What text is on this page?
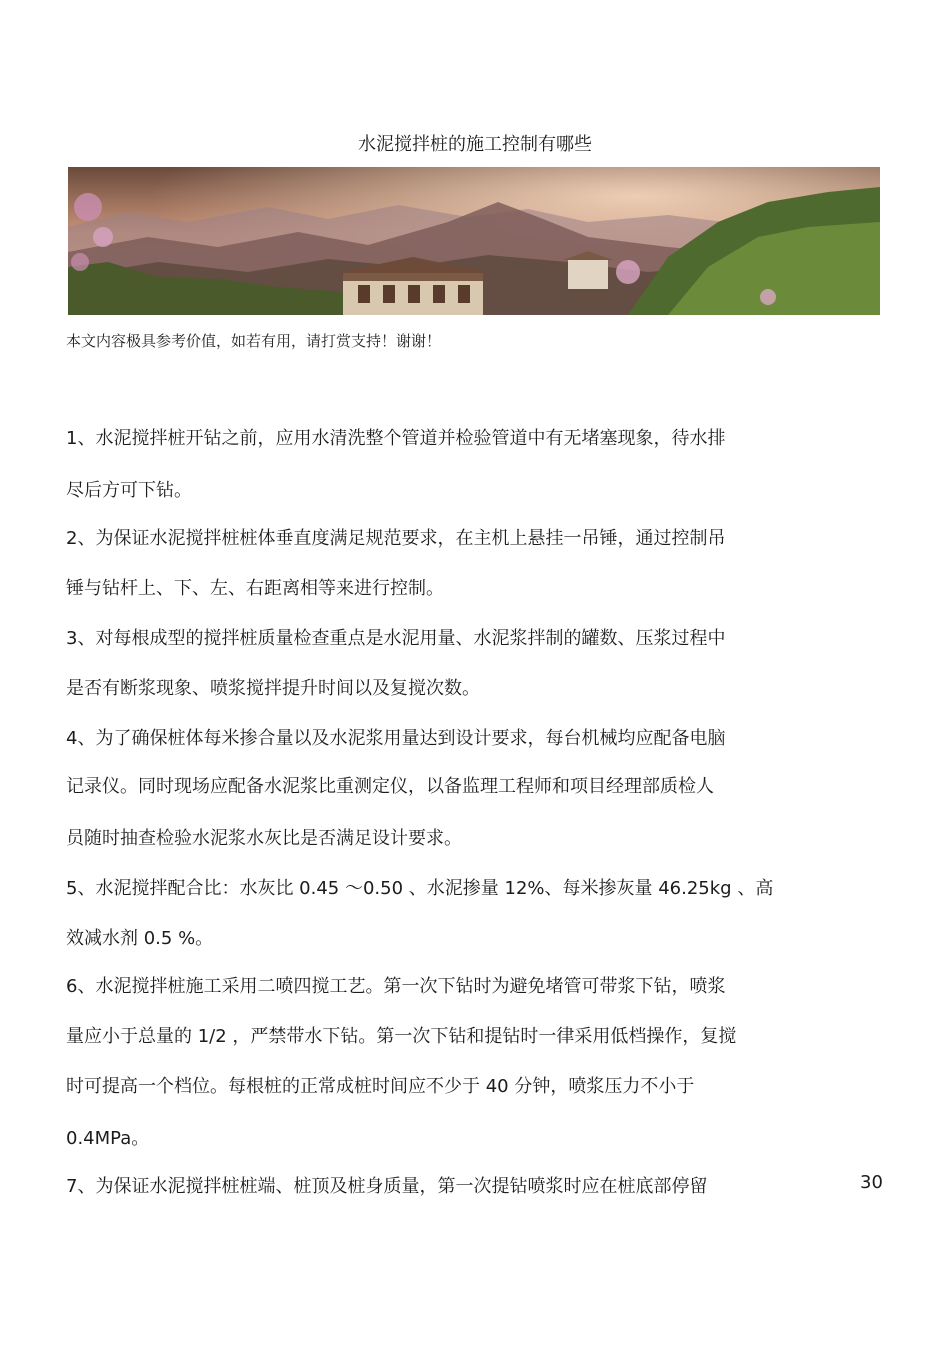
水泥搅拌桩的施工控制有哪些
本文内容极具参考价值，如若有用，请打赏支持！谢谢！
1、水泥搅拌桩开钻之前，应用水清洗整个管道并检验管道中有无堵塞现象，待水排
尽后方可下钻。
2、为保证水泥搅拌桩桩体垂直度满足规范要求，在主机上悬挂一吊锤，通过控制吊
锤与钻杆上、下、左、右距离相等来进行控制。
3、对每根成型的搅拌桩质量检查重点是水泥用量、水泥浆拌制的罐数、压浆过程中
是否有断浆现象、喷浆搅拌提升时间以及复搅次数。
4、为了确保桩体每米掺合量以及水泥浆用量达到设计要求，每台机械均应配备电脑
记录仪。同时现场应配备水泥浆比重测定仪，以备监理工程师和项目经理部质检人
员随时抽查检验水泥浆水灰比是否满足设计要求。
5、水泥搅拌配合比：水灰比 0.45 ～0.50 、水泥掺量 12%、每米掺灰量 46.25kg 、高
效减水剂 0.5 %。
6、水泥搅拌桩施工采用二喷四搅工艺。第一次下钻时为避免堵管可带浆下钻，喷浆
量应小于总量的 1/2 ，严禁带水下钻。第一次下钻和提钻时一律采用低档操作，复搅
时可提高一个档位。每根桩的正常成桩时间应不少于 40 分钟，喷浆压力不小于
0.4MPa。
7、为保证水泥搅拌桩桩端、桩顶及桩身质量，第一次提钻喷浆时应在桩底部停留	30
